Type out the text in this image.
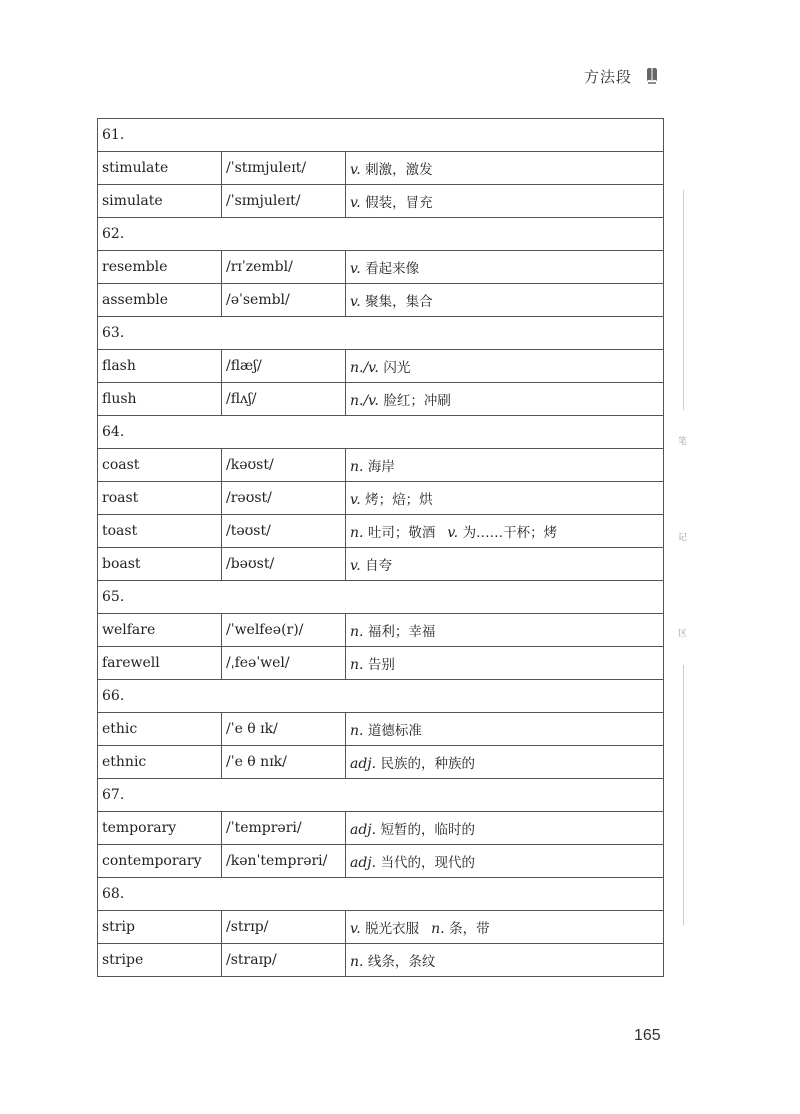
方法段
61.		
stimulate	/ˈstɪmjuleɪt/	v. 刺激，激发
simulate	/ˈsɪmjuleɪt/	v. 假装，冒充
62.		
resemble	/rɪˈzembl/	v. 看起来像
assemble	/əˈsembl/	v. 聚集，集合
63.		
flash	/flæʃ/	n./v. 闪光
flush	/flʌʃ/	n./v. 脸红；冲刷
64.		
coast	/kəʊst/	n. 海岸
roast	/rəʊst/	v. 烤；焙；烘
toast	/təʊst/	n. 吐司；敬酒 v. 为……干杯；烤
boast	/bəʊst/	v. 自夸
65.		
welfare	/ˈwelfeə(r)/	n. 福利；幸福
farewell	/ˌfeəˈwel/	n. 告别
66.		
ethic	/ˈe θ ɪk/	n. 道德标准
ethnic	/ˈe θ nɪk/	adj. 民族的，种族的
67.		
temporary	/ˈtemprəri/	adj. 短暂的，临时的
contemporary	/kənˈtemprəri/	adj. 当代的，现代的
68.		
strip	/strɪp/	v. 脱光衣服 n. 条，带
stripe	/straɪp/	n. 线条，条纹
笔
记
区
165
